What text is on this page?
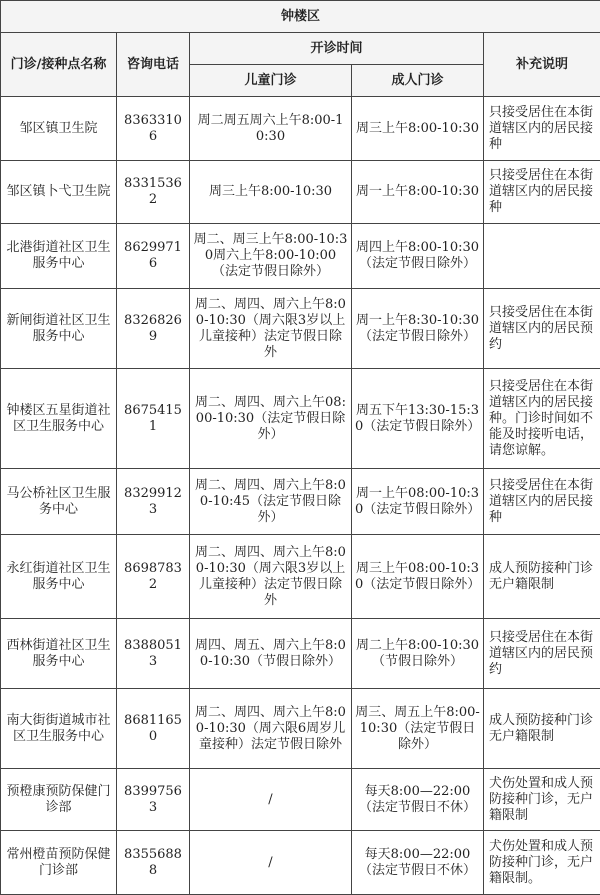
钟楼区				
门诊/接种点名称	咨询电话	开诊时间		补充说明
		儿童门诊	成人门诊	
邹区镇卫生院	83633106	周二周五周六上午8:00-10:30	周三上午8:00-10:30	只接受居住在本街道辖区内的居民接种
邹区镇卜弋卫生院	83315362	周三上午8:00-10:30	周一上午8:00-10:30	只接受居住在本街道辖区内的居民接种
北港街道社区卫生服务中心	86299716	周二、周三上午8:00-10:30周六上午8:00-10:00（法定节假日除外）	周四上午8:00-10:30（法定节假日除外）	
新闸街道社区卫生服务中心	83268269	周二、周四、周六上午8:00-10:30（周六限3岁以上儿童接种）法定节假日除外	周一上午8:30-10:30（法定节假日除外）	只接受居住在本街道辖区内的居民预约
钟楼区五星街道社区卫生服务中心	86754151	周二、周四、周六上午08:00-10:30（法定节假日除外）	周五下午13:30-15:30（法定节假日除外）	只接受居住在本街道辖区内的居民接种。门诊时间如不能及时接听电话，请您谅解。
马公桥社区卫生服务中心	83299123	周二、周四、周六上午8:00-10:45（法定节假日除外）	周一上午08:00-10:30（法定节假日除外）	只接受居住在本街道辖区内的居民接种
永红街道社区卫生服务中心	86987832	周二、周四、周六上午8:00-10:30（周六限3岁以上儿童接种）法定节假日除外	周三上午08:00-10:30（法定节假日除外）	成人预防接种门诊无户籍限制
西林街道社区卫生服务中心	83880513	周四、周五、周六上午8:00-10:30（节假日除外）	周二上午8:00-10:30（节假日除外）	只接受居住在本街道辖区内的居民预约
南大街街道城市社区卫生服务中心	86811650	周二、周四、周六上午8:00-10:30（周六限6周岁儿童接种）法定节假日除外	周三、周五上午8:00-10:30（法定节假日除外）	成人预防接种门诊无户籍限制
预橙康预防保健门诊部	83997563	/	每天8:00—22:00（法定节假日不休）	犬伤处置和成人预防接种门诊，无户籍限制
常州橙苗预防保健门诊部	83556888	/	每天8:00—22:00（法定节假日不休）	犬伤处置和成人预防接种门诊，无户籍限制。
